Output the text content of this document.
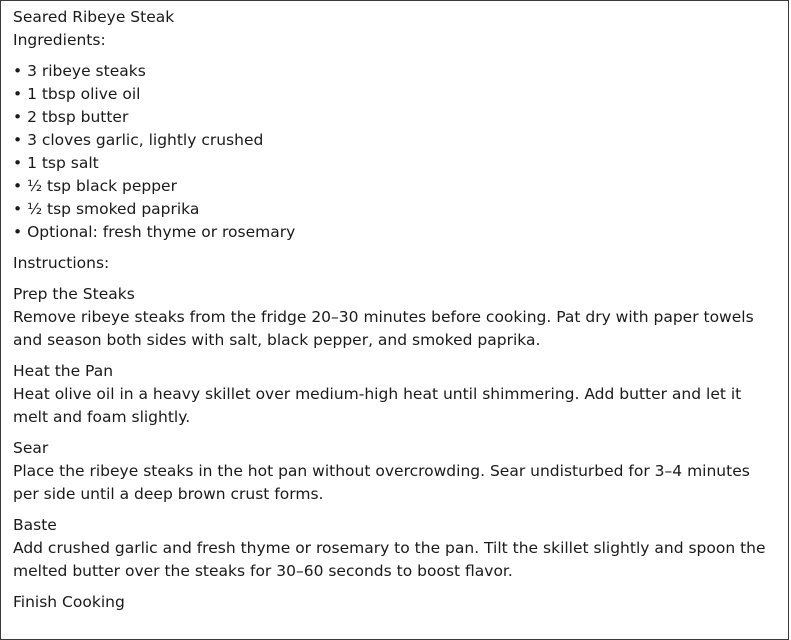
Seared Ribeye Steak

Ingredients:

• 3 ribeye steaks
• 1 tbsp olive oil
• 2 tbsp butter
• 3 cloves garlic, lightly crushed
• 1 tsp salt
• ½ tsp black pepper
• ½ tsp smoked paprika
• Optional: fresh thyme or rosemary

Instructions:

Prep the Steaks

Remove ribeye steaks from the fridge 20–30 minutes before cooking. Pat dry with paper towels and season both sides with salt, black pepper, and smoked paprika.

Heat the Pan

Heat olive oil in a heavy skillet over medium-high heat until shimmering. Add butter and let it melt and foam slightly.

Sear

Place the ribeye steaks in the hot pan without overcrowding. Sear undisturbed for 3–4 minutes per side until a deep brown crust forms.

Baste

Add crushed garlic and fresh thyme or rosemary to the pan. Tilt the skillet slightly and spoon the melted butter over the steaks for 30–60 seconds to boost flavor.

Finish Cooking
